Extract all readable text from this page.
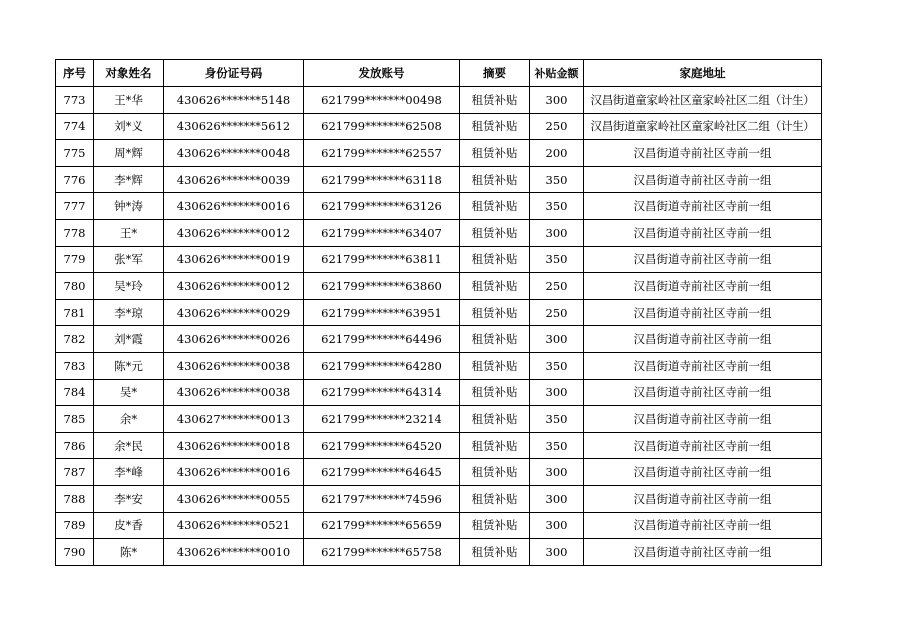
序号	对象姓名	身份证号码	发放账号	摘要	补贴金额	家庭地址
773	王*华	430626*******5148	621799*******00498	租赁补贴	300	汉昌街道童家岭社区童家岭社区二组（计生）
774	刘*义	430626*******5612	621799*******62508	租赁补贴	250	汉昌街道童家岭社区童家岭社区二组（计生）
775	周*辉	430626*******0048	621799*******62557	租赁补贴	200	汉昌街道寺前社区寺前一组
776	李*辉	430626*******0039	621799*******63118	租赁补贴	350	汉昌街道寺前社区寺前一组
777	钟*涛	430626*******0016	621799*******63126	租赁补贴	350	汉昌街道寺前社区寺前一组
778	王*	430626*******0012	621799*******63407	租赁补贴	300	汉昌街道寺前社区寺前一组
779	张*军	430626*******0019	621799*******63811	租赁补贴	350	汉昌街道寺前社区寺前一组
780	吴*玲	430626*******0012	621799*******63860	租赁补贴	250	汉昌街道寺前社区寺前一组
781	李*琼	430626*******0029	621799*******63951	租赁补贴	250	汉昌街道寺前社区寺前一组
782	刘*霞	430626*******0026	621799*******64496	租赁补贴	300	汉昌街道寺前社区寺前一组
783	陈*元	430626*******0038	621799*******64280	租赁补贴	350	汉昌街道寺前社区寺前一组
784	吴*	430626*******0038	621799*******64314	租赁补贴	300	汉昌街道寺前社区寺前一组
785	余*	430627*******0013	621799*******23214	租赁补贴	350	汉昌街道寺前社区寺前一组
786	余*民	430626*******0018	621799*******64520	租赁补贴	350	汉昌街道寺前社区寺前一组
787	李*峰	430626*******0016	621799*******64645	租赁补贴	300	汉昌街道寺前社区寺前一组
788	李*安	430626*******0055	621797*******74596	租赁补贴	300	汉昌街道寺前社区寺前一组
789	皮*香	430626*******0521	621799*******65659	租赁补贴	300	汉昌街道寺前社区寺前一组
790	陈*	430626*******0010	621799*******65758	租赁补贴	300	汉昌街道寺前社区寺前一组
